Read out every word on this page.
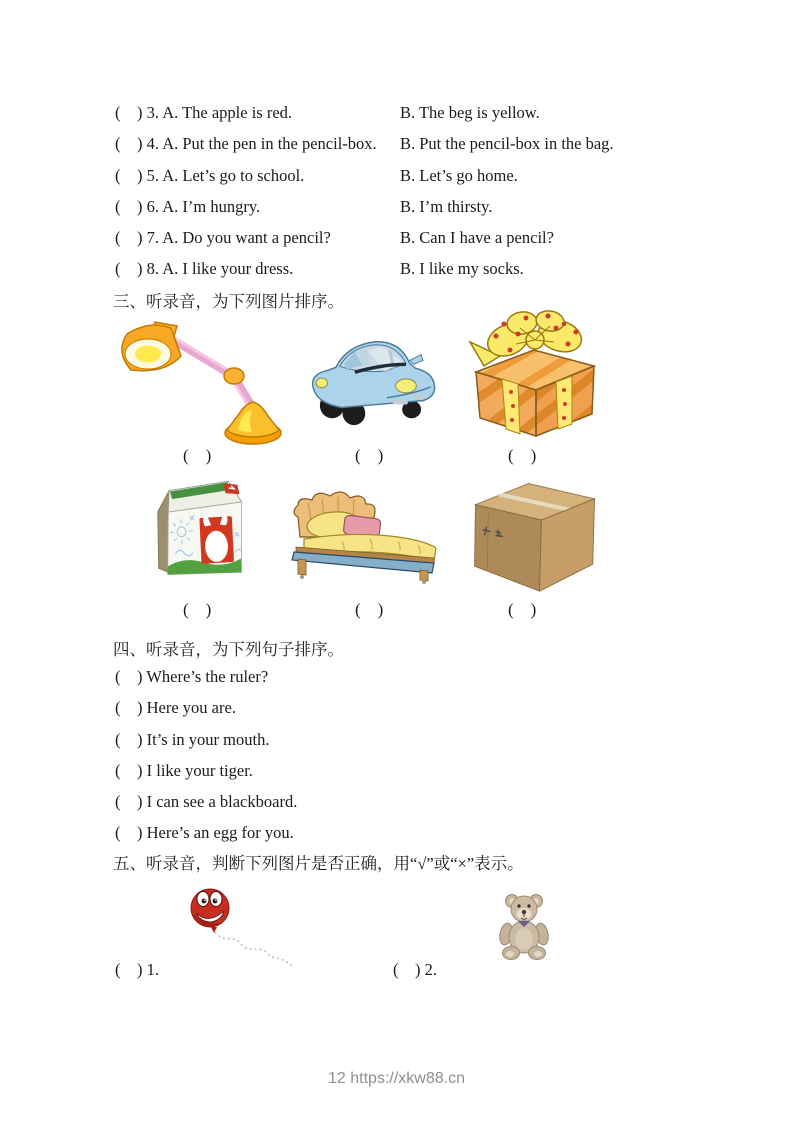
( ) 3. A. The apple is red.	B. The beg is yellow.
( ) 4. A. Put the pen in the pencil-box. B. Put the pencil-box in the bag.
( ) 5. A. Let’s go to school.	B. Let’s go home.
( ) 6. A. I’m hungry.	B. I’m thirsty.
( ) 7. A. Do you want a pencil?	B. Can I have a pencil?
( ) 8. A. I like your dress.	B. I like my socks.
三、听录音，为下列图片排序。
( )	( )	( )
( )	( )	( )
四、听录音，为下列句子排序。
( ) Where’s the ruler?
( ) Here you are.
( ) It’s in your mouth.
( ) I like your tiger.
( ) I can see a blackboard.
( ) Here’s an egg for you.
五、听录音，判断下列图片是否正确，用“√”或“×”表示。
( ) 1.	( ) 2.
12 https://xkw88.cn
